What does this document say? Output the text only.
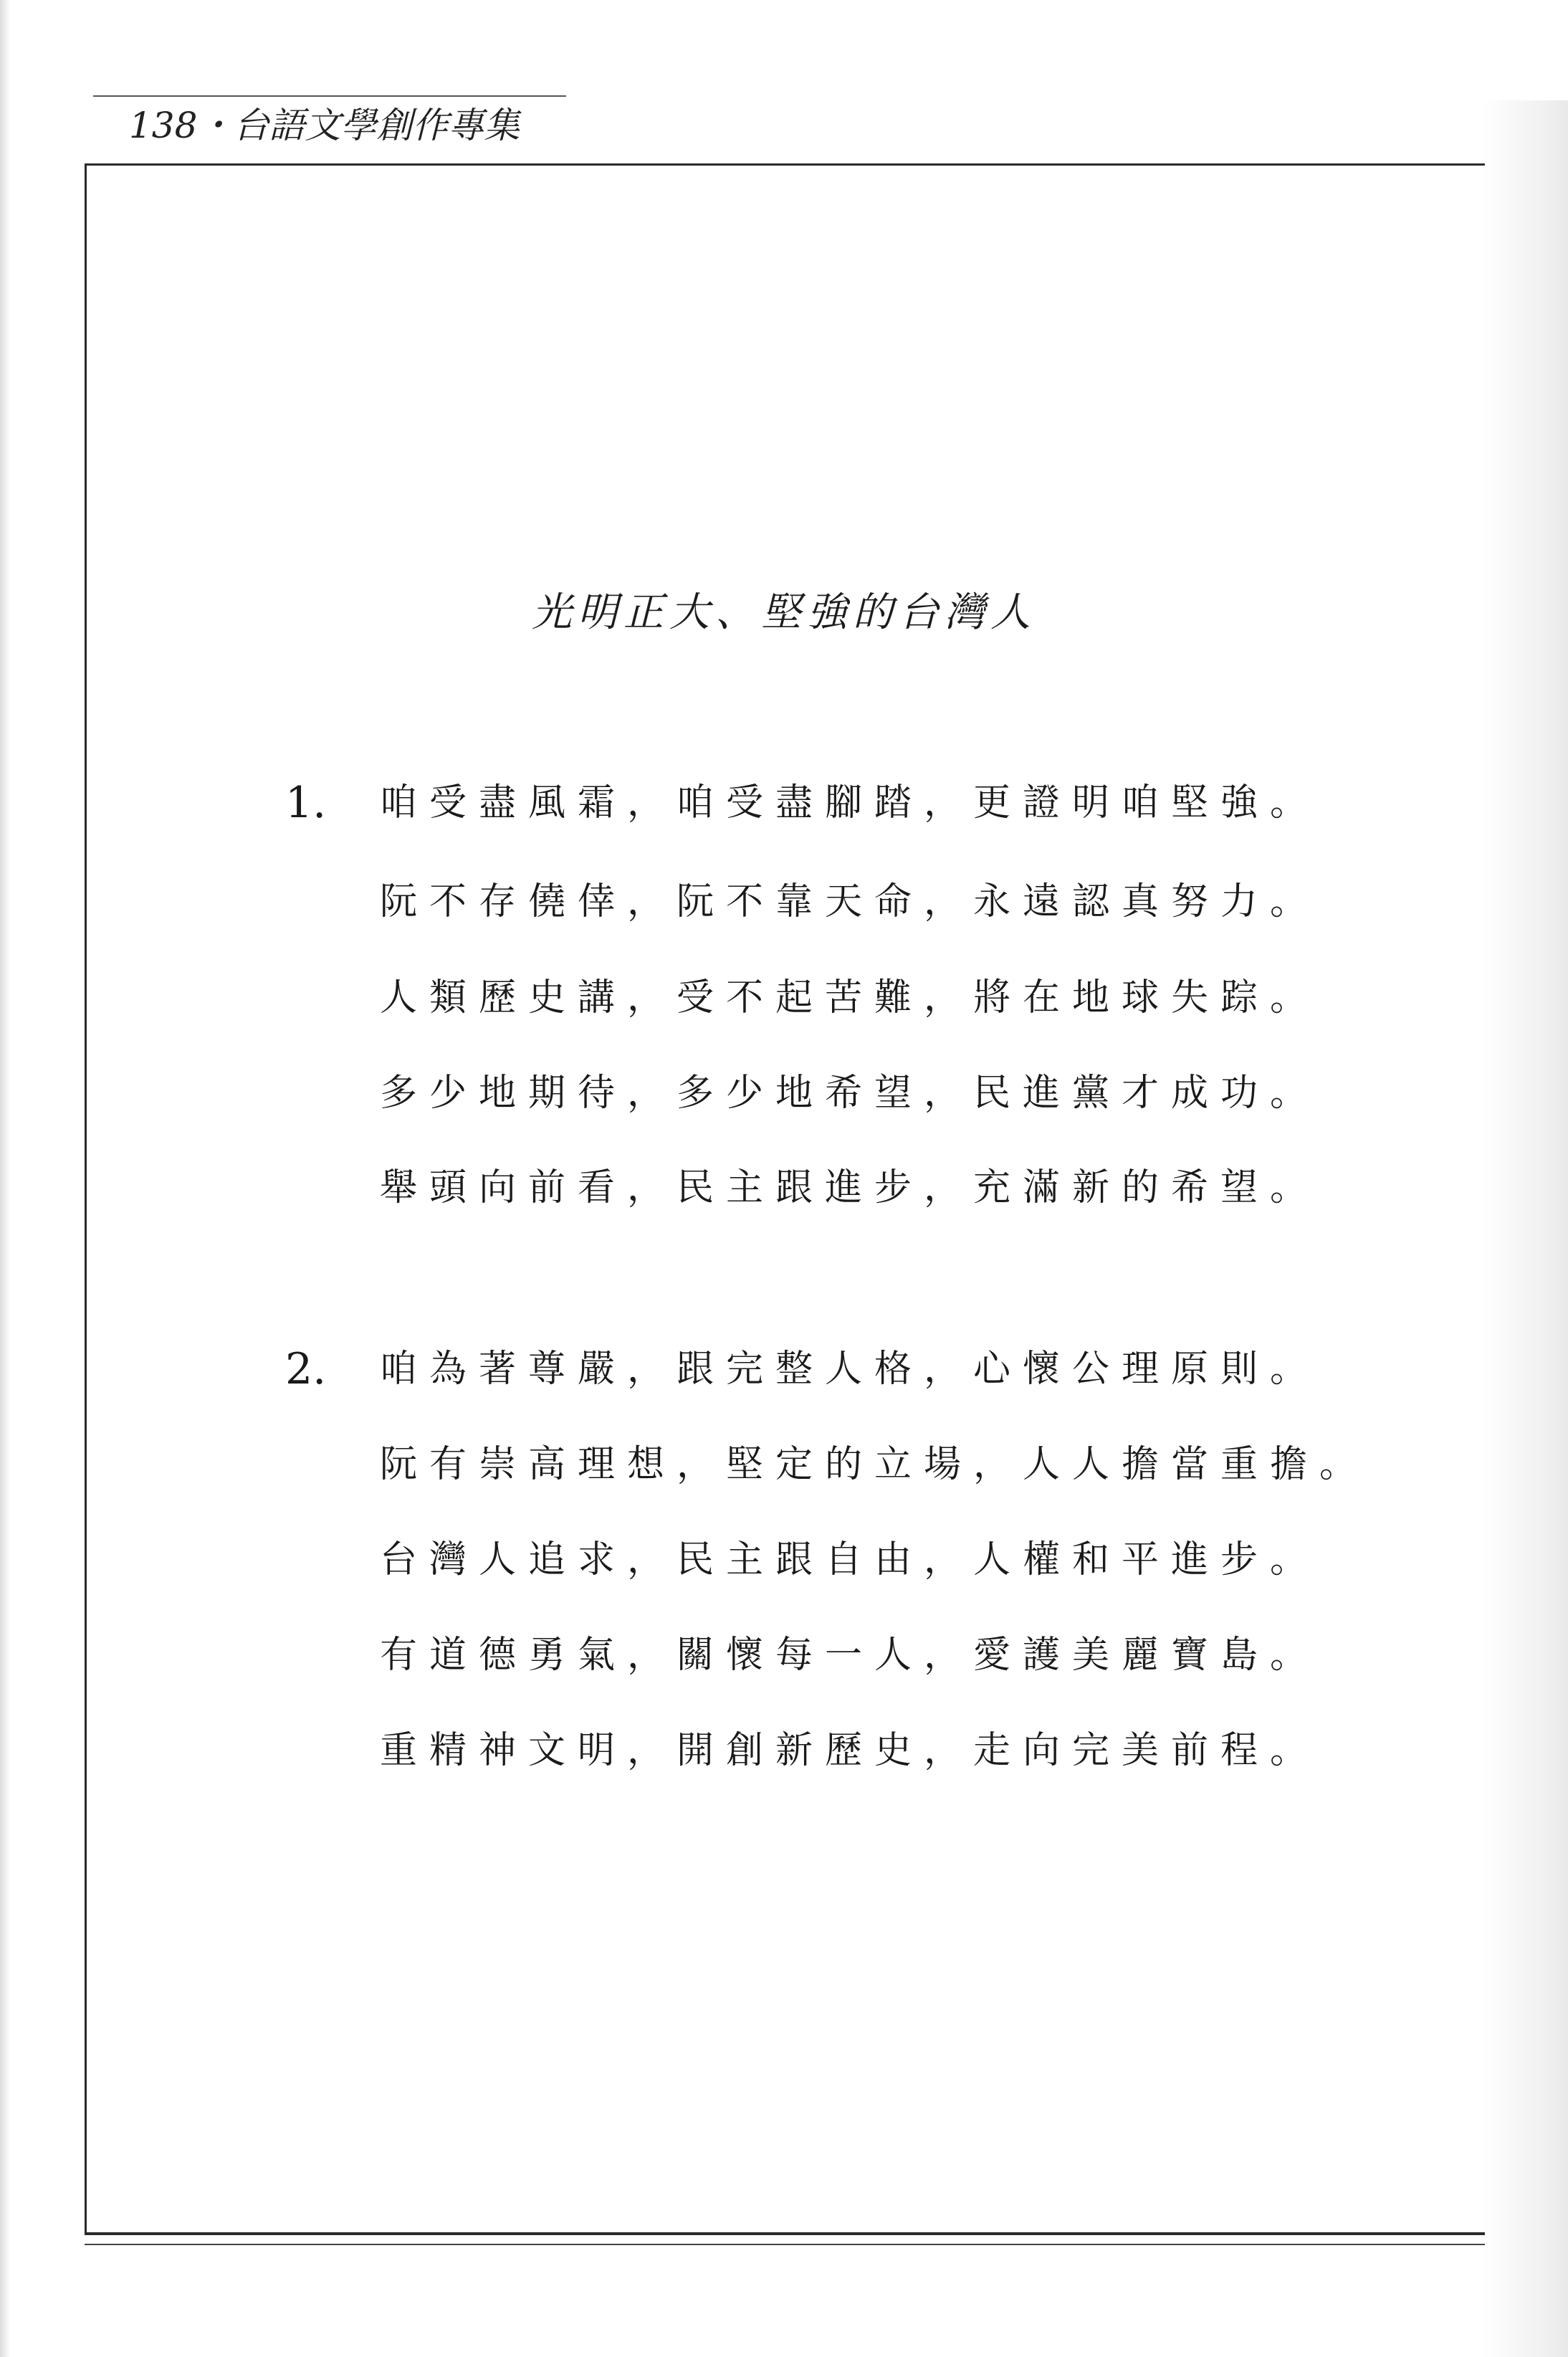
138・台語文學創作專集
光明正大、堅強的台灣人
1. 咱受盡風霜，咱受盡腳踏，更證明咱堅強。
阮不存僥倖，阮不靠天命，永遠認真努力。
人類歷史講，受不起苦難，將在地球失踪。
多少地期待，多少地希望，民進黨才成功。
舉頭向前看，民主跟進步，充滿新的希望。
2. 咱為著尊嚴，跟完整人格，心懷公理原則。
阮有崇高理想，堅定的立場，人人擔當重擔。
台灣人追求，民主跟自由，人權和平進步。
有道德勇氣，關懷每一人，愛護美麗寶島。
重精神文明，開創新歷史，走向完美前程。
